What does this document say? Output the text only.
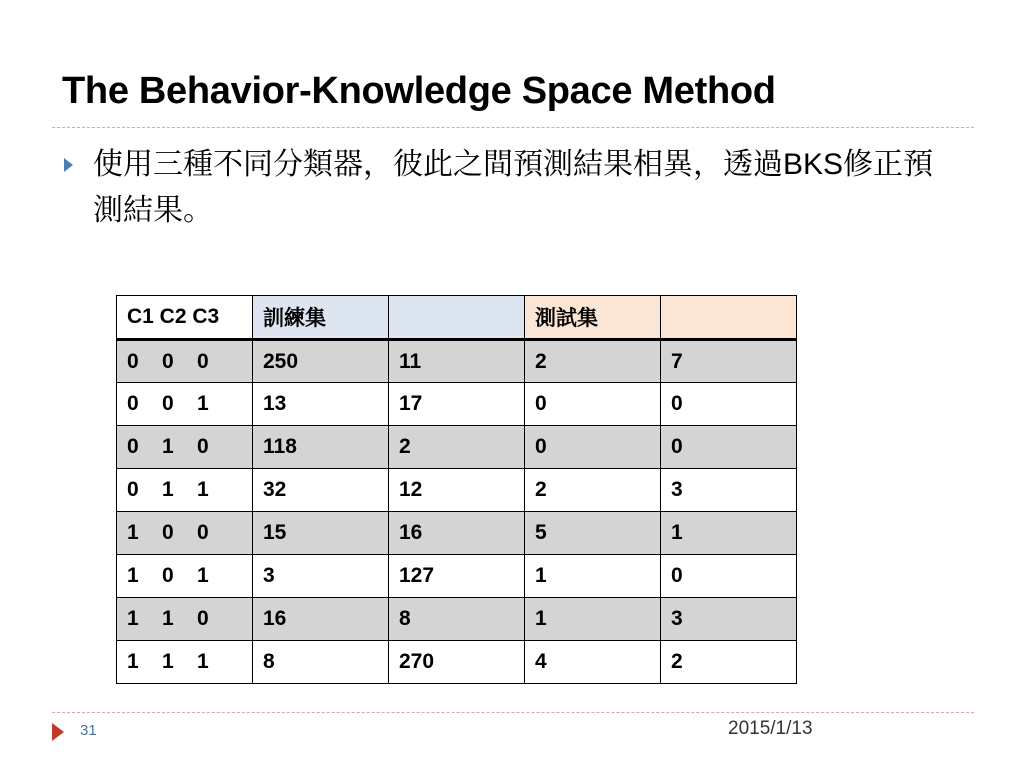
The Behavior-Knowledge Space Method
使用三種不同分類器，彼此之間預測結果相異，透過BKS修正預測結果。
C1 C2 C3	訓練集		測試集	
0    0    0	250	11	2	7
0    0    1	13	17	0	0
0    1    0	118	2	0	0
0    1    1	32	12	2	3
1    0    0	15	16	5	1
1    0    1	3	127	1	0
1    1    0	16	8	1	3
1    1    1	8	270	4	2
31	2015/1/13
